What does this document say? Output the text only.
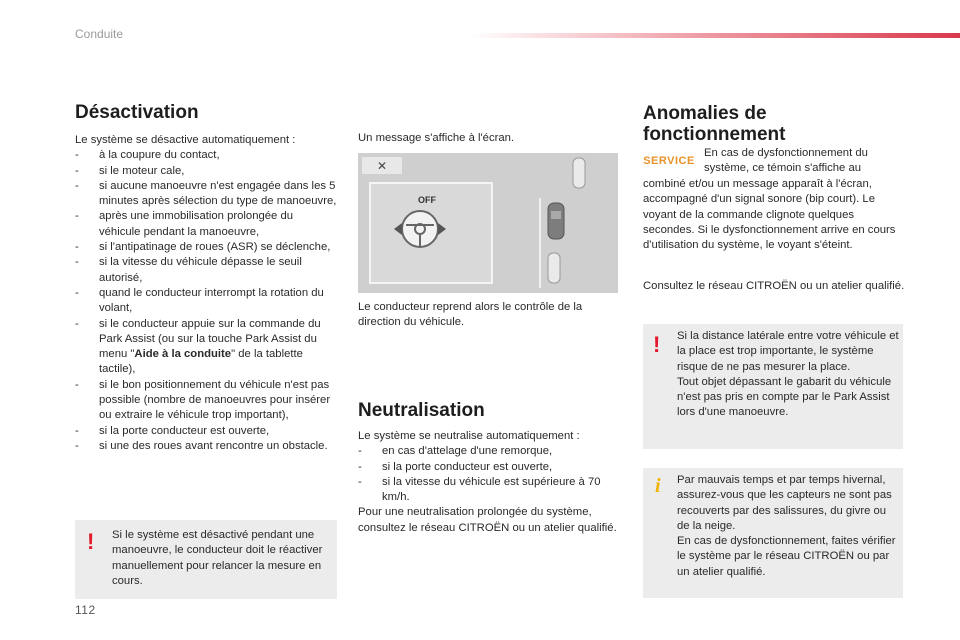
Conduite
Désactivation

Le système se désactive automatiquement :

- à la coupure du contact,
- si le moteur cale,
- si aucune manoeuvre n'est engagée dans les 5 minutes après sélection du type de manoeuvre,
- après une immobilisation prolongée du véhicule pendant la manoeuvre,
- si l'antipatinage de roues (ASR) se déclenche,
- si la vitesse du véhicule dépasse le seuil autorisé,
- quand le conducteur interrompt la rotation du volant,
- si le conducteur appuie sur la commande du Park Assist (ou sur la touche Park Assist du menu "Aide à la conduite" de la tablette tactile),
- si le bon positionnement du véhicule n'est pas possible (nombre de manoeuvres pour insérer ou extraire le véhicule trop important),
- si la porte conducteur est ouverte,
- si une des roues avant rencontre un obstacle.
! Si le système est désactivé pendant une manoeuvre, le conducteur doit le réactiver manuellement pour relancer la mesure en cours.
Un message s'affiche à l'écran.
✕
OFF
Le conducteur reprend alors le contrôle de la direction du véhicule.
Neutralisation

Le système se neutralise automatiquement :

- en cas d'attelage d'une remorque,
- si la porte conducteur est ouverte,
- si la vitesse du véhicule est supérieure à 70 km/h.

Pour une neutralisation prolongée du système, consultez le réseau CITROËN ou un atelier qualifié.

Anomalies de
fonctionnement
SERVICE
En cas de dysfonctionnement du système, ce témoin s'affiche au
combiné et/ou un message apparaît à l'écran, accompagné d'un signal sonore (bip court). Le voyant de la commande clignote quelques secondes. Si le dysfonctionnement arrive en cours d'utilisation du système, le voyant s'éteint.
Consultez le réseau CITROËN ou un atelier qualifié.
! Si la distance latérale entre votre véhicule et la place est trop importante, le système risque de ne pas mesurer la place.
Tout objet dépassant le gabarit du véhicule n'est pas pris en compte par le Park Assist lors d'une manoeuvre.
i Par mauvais temps et par temps hivernal, assurez-vous que les capteurs ne sont pas recouverts par des salissures, du givre ou de la neige.
En cas de dysfonctionnement, faites vérifier le système par le réseau CITROËN ou par un atelier qualifié.
112
